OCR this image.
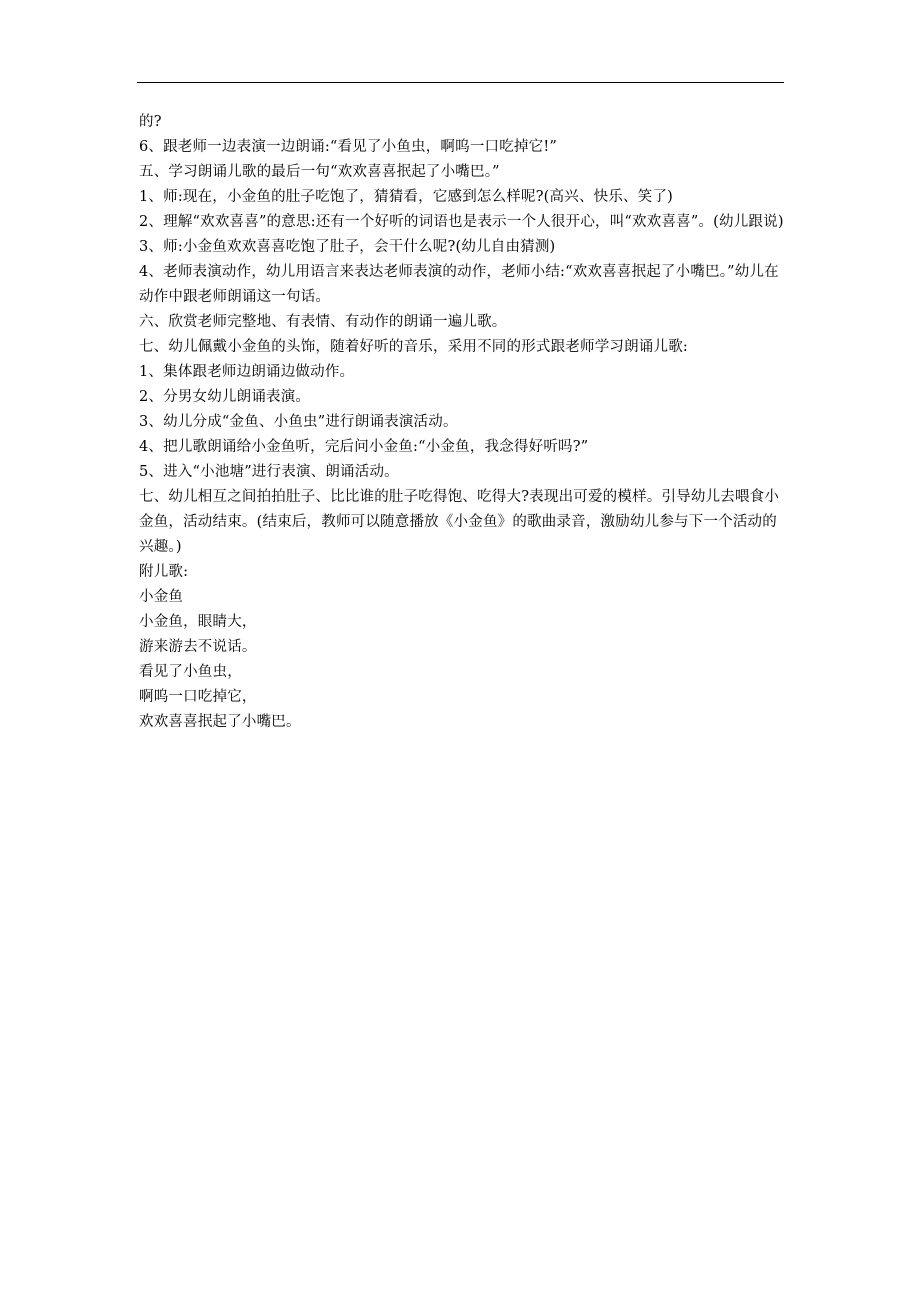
的?

6、跟老师一边表演一边朗诵:“看见了小鱼虫，啊呜一口吃掉它!”

五、学习朗诵儿歌的最后一句“欢欢喜喜抿起了小嘴巴。”

1、师:现在，小金鱼的肚子吃饱了，猜猜看，它感到怎么样呢?(高兴、快乐、笑了)

2、理解“欢欢喜喜”的意思:还有一个好听的词语也是表示一个人很开心，叫“欢欢喜喜”。(幼儿跟说)

3、师:小金鱼欢欢喜喜吃饱了肚子，会干什么呢?(幼儿自由猜测)

4、老师表演动作，幼儿用语言来表达老师表演的动作，老师小结:“欢欢喜喜抿起了小嘴巴。”幼儿在动作中跟老师朗诵这一句话。

六、欣赏老师完整地、有表情、有动作的朗诵一遍儿歌。

七、幼儿佩戴小金鱼的头饰，随着好听的音乐，采用不同的形式跟老师学习朗诵儿歌:

1、集体跟老师边朗诵边做动作。

2、分男女幼儿朗诵表演。

3、幼儿分成“金鱼、小鱼虫”进行朗诵表演活动。

4、把儿歌朗诵给小金鱼听，完后问小金鱼:“小金鱼，我念得好听吗?”

5、进入“小池塘”进行表演、朗诵活动。

七、幼儿相互之间拍拍肚子、比比谁的肚子吃得饱、吃得大?表现出可爱的模样。引导幼儿去喂食小金鱼，活动结束。(结束后，教师可以随意播放《小金鱼》的歌曲录音，激励幼儿参与下一个活动的兴趣。)

附儿歌:

小金鱼

小金鱼，眼睛大，

游来游去不说话。

看见了小鱼虫，

啊呜一口吃掉它，

欢欢喜喜抿起了小嘴巴。
